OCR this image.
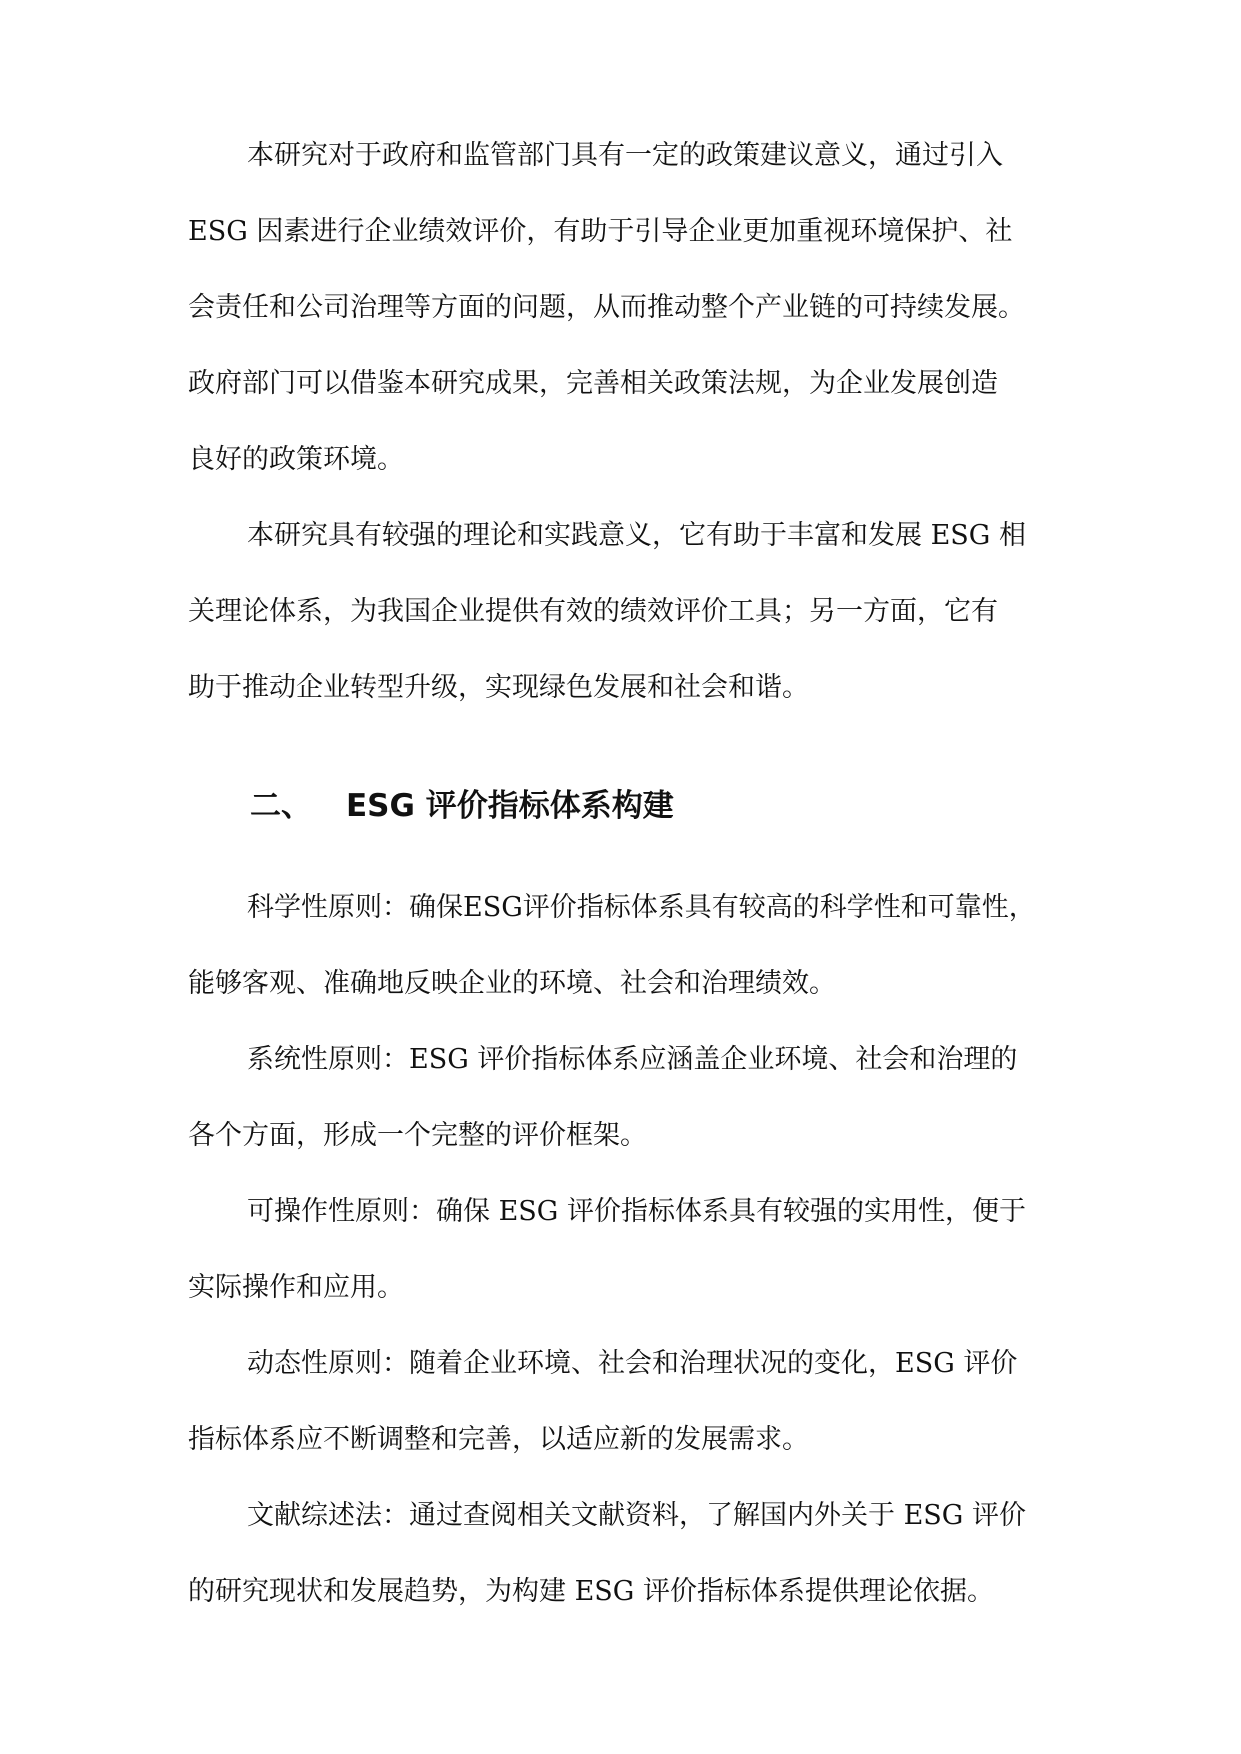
本研究对于政府和监管部门具有一定的政策建议意义，通过引入
ESG 因素进行企业绩效评价，有助于引导企业更加重视环境保护、社
会责任和公司治理等方面的问题，从而推动整个产业链的可持续发展。
政府部门可以借鉴本研究成果，完善相关政策法规，为企业发展创造
良好的政策环境。
本研究具有较强的理论和实践意义，它有助于丰富和发展 ESG 相
关理论体系，为我国企业提供有效的绩效评价工具；另一方面，它有
助于推动企业转型升级，实现绿色发展和社会和谐。
二、 ESG 评价指标体系构建
科学性原则：确保ESG评价指标体系具有较高的科学性和可靠性，
能够客观、准确地反映企业的环境、社会和治理绩效。
系统性原则：ESG 评价指标体系应涵盖企业环境、社会和治理的
各个方面，形成一个完整的评价框架。
可操作性原则：确保 ESG 评价指标体系具有较强的实用性，便于
实际操作和应用。
动态性原则：随着企业环境、社会和治理状况的变化，ESG 评价
指标体系应不断调整和完善，以适应新的发展需求。
文献综述法：通过查阅相关文献资料，了解国内外关于 ESG 评价
的研究现状和发展趋势，为构建 ESG 评价指标体系提供理论依据。
